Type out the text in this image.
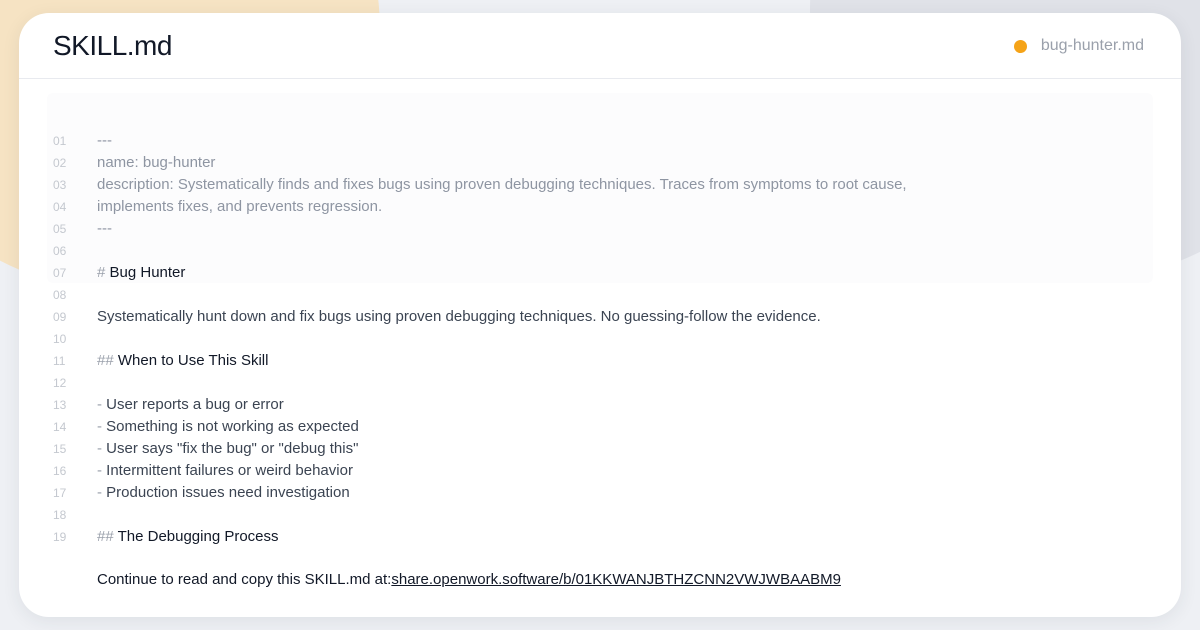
SKILL.md	bug-hunter.md
01	---
02	name: bug-hunter
03	description: Systematically finds and fixes bugs using proven debugging techniques. Traces from symptoms to root cause,
04	implements fixes, and prevents regression.
05	---
06
07	# Bug Hunter
08
09	Systematically hunt down and fix bugs using proven debugging techniques. No guessing-follow the evidence.
10
11	## When to Use This Skill
12
13	- User reports a bug or error
14	- Something is not working as expected
15	- User says "fix the bug" or "debug this"
16	- Intermittent failures or weird behavior
17	- Production issues need investigation
18
19	## The Debugging Process
Continue to read and copy this SKILL.md at:share.openwork.software/b/01KKWANJBTHZCNN2VWJWBAABM9
